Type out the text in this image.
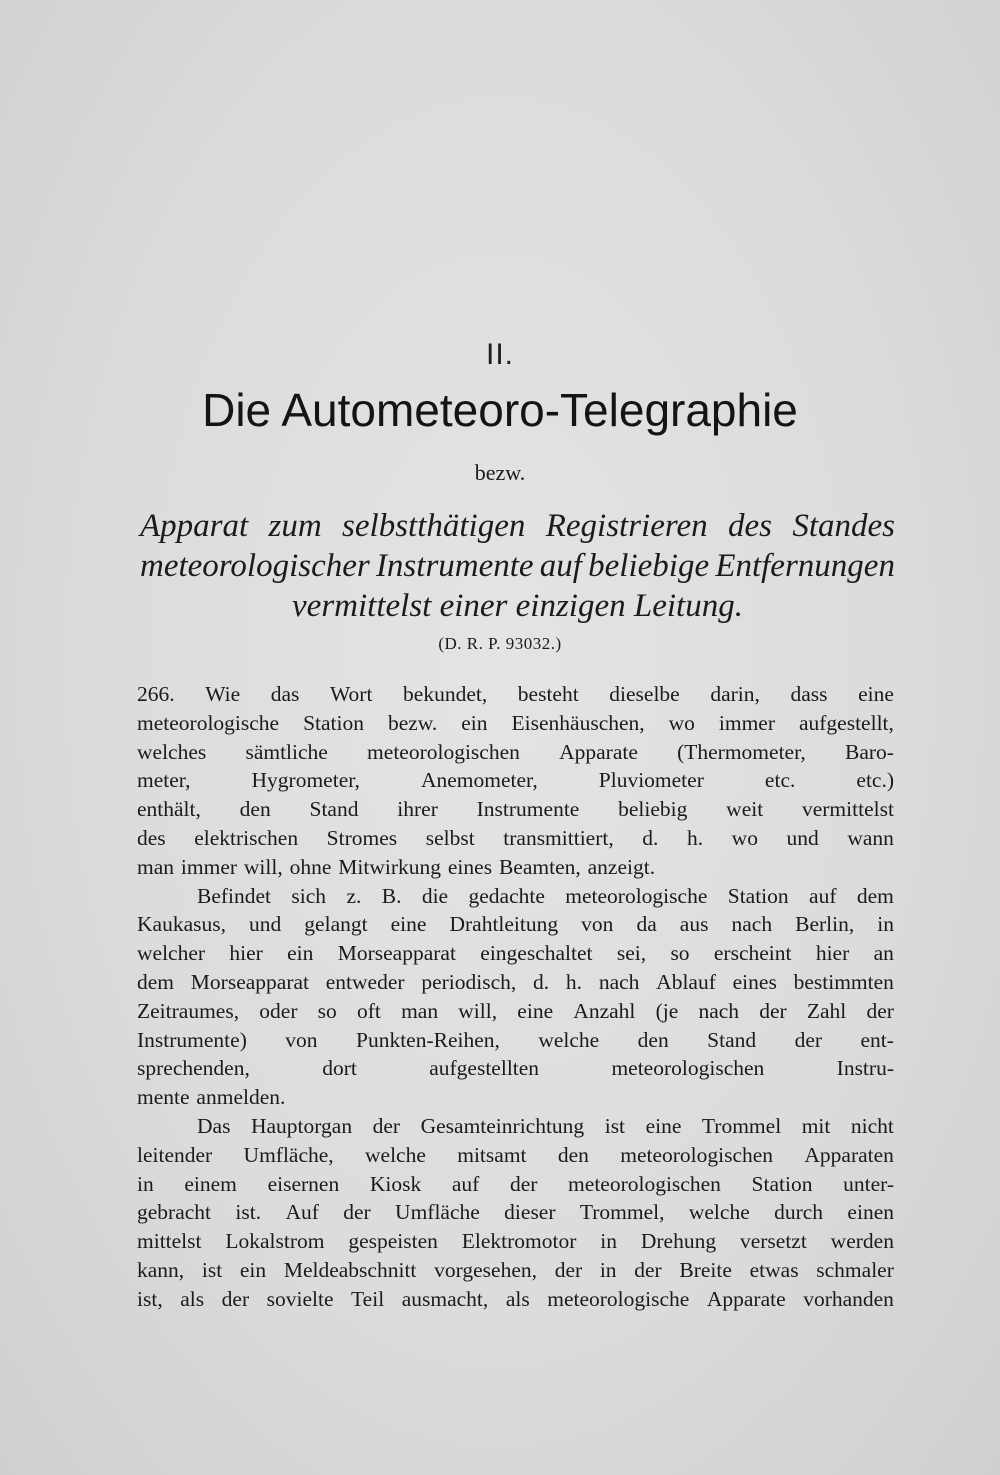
II.
Die Autometeoro-Telegraphie
bezw.
Apparat zum selbstthätigen Registrieren des Standes
meteorologischer Instrumente auf beliebige Entfernungen
vermittelst einer einzigen Leitung.
(D. R. P. 93032.)
266. Wie das Wort bekundet, besteht dieselbe darin, dass eine
meteorologische Station bezw. ein Eisenhäuschen, wo immer aufgestellt,
welches sämtliche meteorologischen Apparate (Thermometer, Baro-
meter,	Hygrometer,	Anemometer,	Pluviometer	etc.	etc.)
enthält, den Stand ihrer Instrumente beliebig weit vermittelst
des elektrischen Stromes selbst transmittiert, d. h. wo und wann
man immer will, ohne Mitwirkung eines Beamten, anzeigt.
Befindet sich z. B. die gedachte meteorologische Station auf dem
Kaukasus, und gelangt eine Drahtleitung von da aus nach Berlin, in
welcher hier ein Morseapparat eingeschaltet sei, so erscheint hier an
dem Morseapparat entweder periodisch, d. h. nach Ablauf eines bestimmten
Zeitraumes, oder so oft man will, eine Anzahl (je nach der Zahl der
Instrumente) von Punkten-Reihen, welche den Stand der ent-
sprechenden,	dort	aufgestellten	meteorologischen	Instru-
mente anmelden.
Das Hauptorgan der Gesamteinrichtung ist eine Trommel mit nicht
leitender Umfläche, welche mitsamt den meteorologischen Apparaten
in einem eisernen Kiosk auf der meteorologischen Station unter-
gebracht ist. Auf der Umfläche dieser Trommel, welche durch einen
mittelst Lokalstrom gespeisten Elektromotor in Drehung versetzt werden
kann, ist ein Meldeabschnitt vorgesehen, der in der Breite etwas schmaler
ist, als der sovielte Teil ausmacht, als meteorologische Apparate vorhanden
